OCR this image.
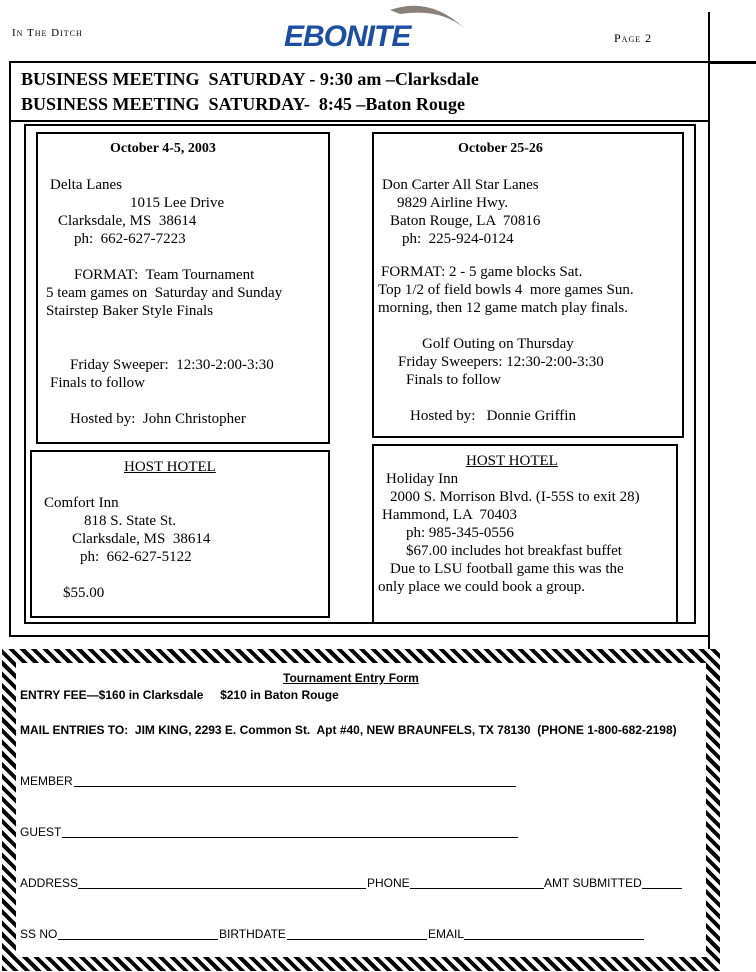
In The Ditch	EBONITE	Page 2
BUSINESS MEETING  SATURDAY - 9:30 am –Clarksdale
BUSINESS MEETING  SATURDAY-  8:45 –Baton Rouge
October 4-5, 2003
Delta Lanes
1015 Lee Drive
Clarksdale, MS  38614
ph:  662-627-7223
FORMAT:  Team Tournament
5 team games on  Saturday and Sunday
Stairstep Baker Style Finals
Friday Sweeper:  12:30-2:00-3:30
Finals to follow
Hosted by:  John Christopher
HOST HOTEL
Comfort Inn
818 S. State St.
Clarksdale, MS  38614
ph:  662-627-5122
$55.00
October 25-26
Don Carter All Star Lanes
9829 Airline Hwy.
Baton Rouge, LA  70816
ph:  225-924-0124
FORMAT: 2 - 5 game blocks Sat.
Top 1/2 of field bowls 4  more games Sun.
morning, then 12 game match play finals.
Golf Outing on Thursday
Friday Sweepers: 12:30-2:00-3:30
Finals to follow
Hosted by:   Donnie Griffin
HOST HOTEL
Holiday Inn
2000 S. Morrison Blvd. (I-55S to exit 28)
Hammond, LA  70403
ph: 985-345-0556
$67.00 includes hot breakfast buffet
Due to LSU football game this was the
only place we could book a group.
Tournament Entry Form
ENTRY FEE—$160 in Clarksdale     $210 in Baton Rouge
MAIL ENTRIES TO:  JIM KING, 2293 E. Common St.  Apt #40, NEW BRAUNFELS, TX 78130  (PHONE 1-800-682-2198)
MEMBER
GUEST
ADDRESS	PHONE	AMT SUBMITTED
SS NO	BIRTHDATE	EMAIL
